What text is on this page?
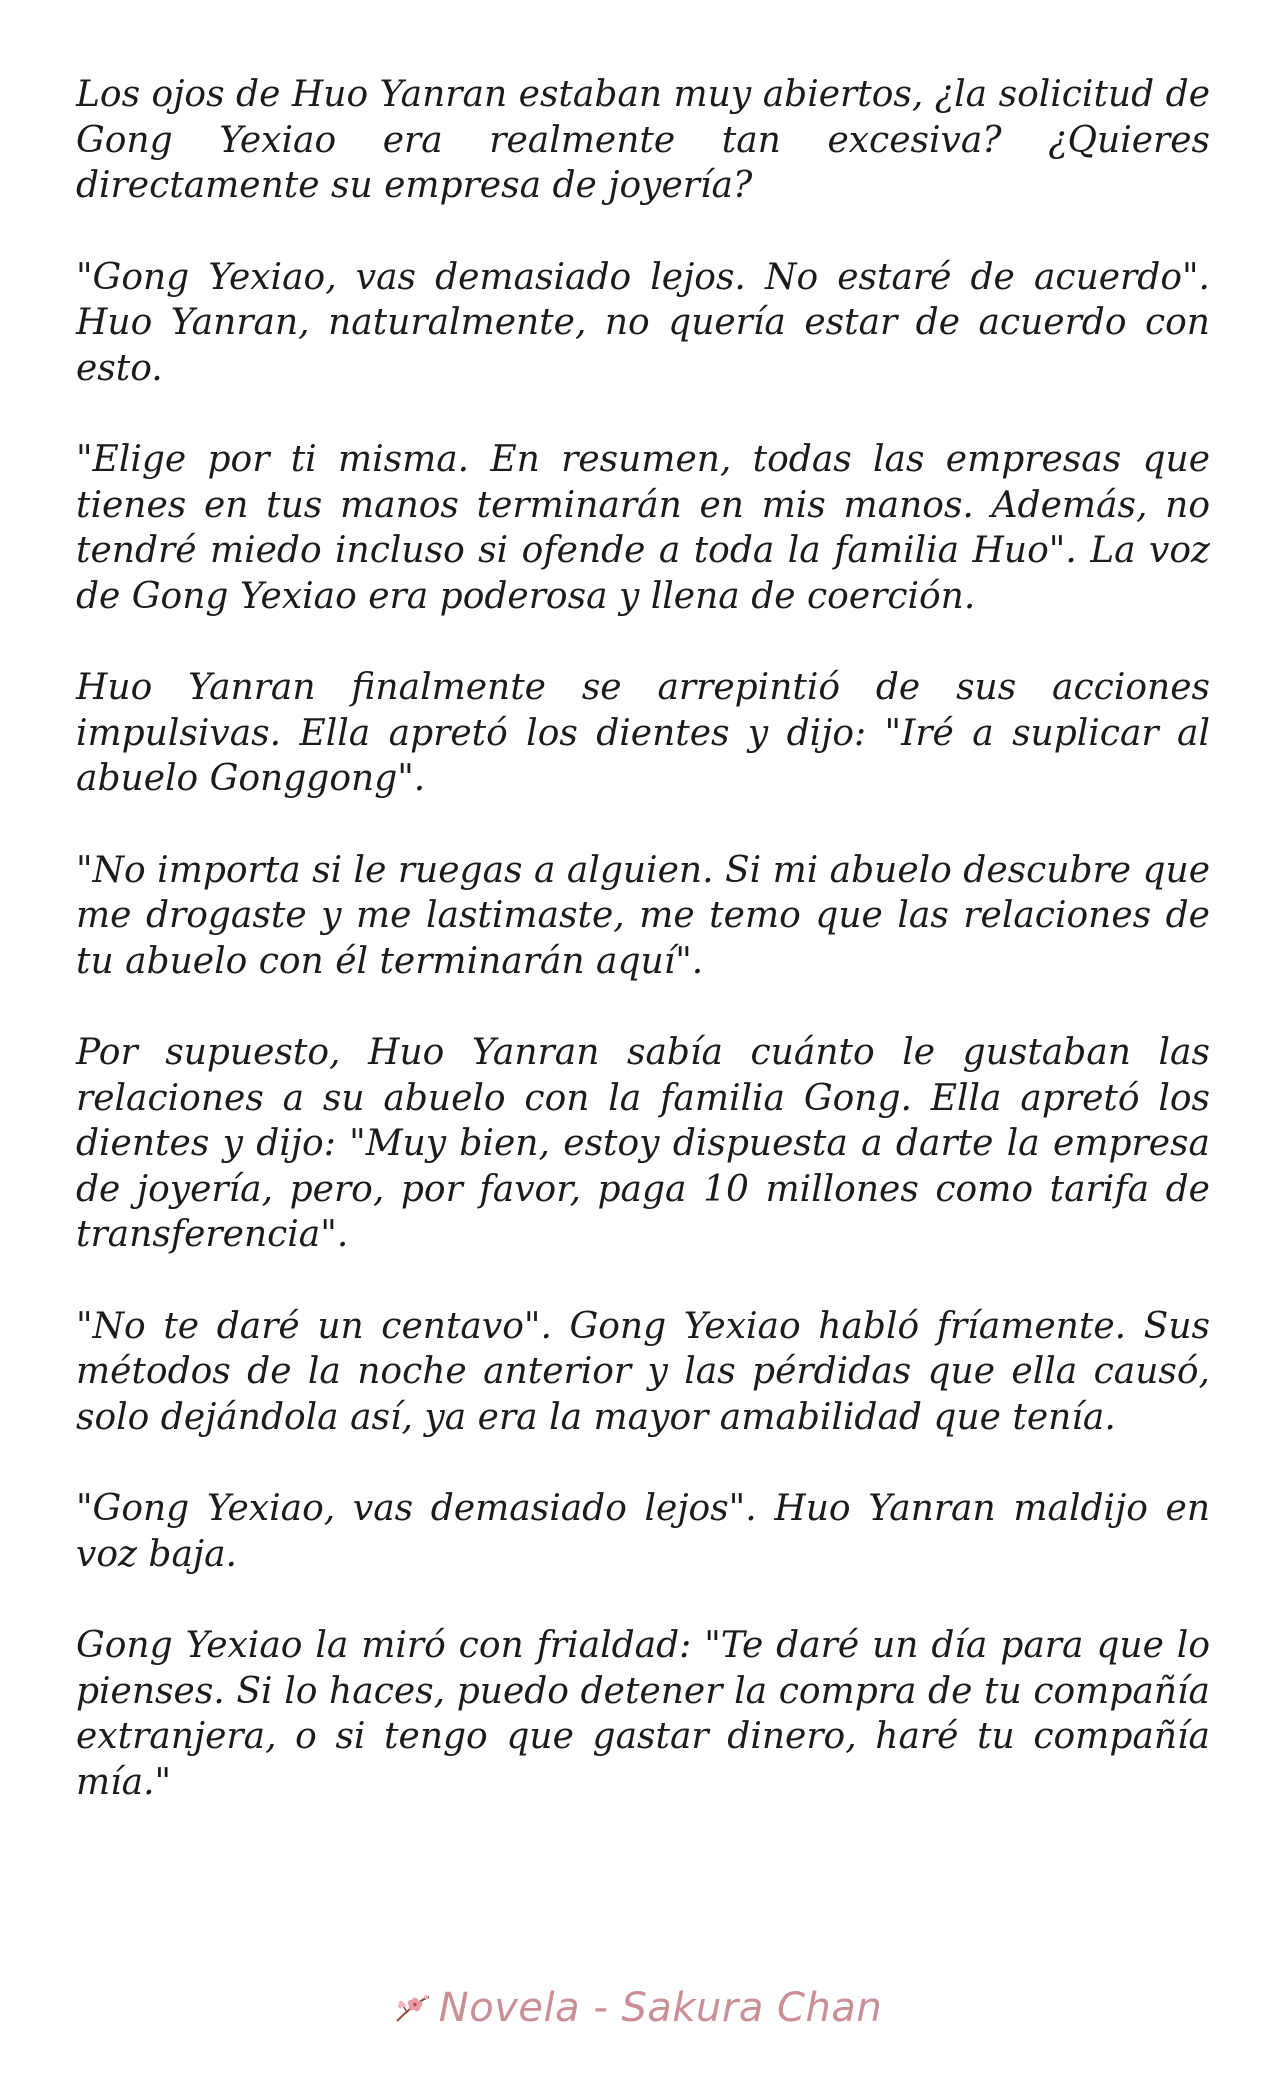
Los ojos de Huo Yanran estaban muy abiertos, ¿la solicitud de Gong Yexiao era realmente tan excesiva? ¿Quieres directamente su empresa de joyería?

"Gong Yexiao, vas demasiado lejos. No estaré de acuerdo". Huo Yanran, naturalmente, no quería estar de acuerdo con esto.

"Elige por ti misma. En resumen, todas las empresas que tienes en tus manos terminarán en mis manos. Además, no tendré miedo incluso si ofende a toda la familia Huo". La voz de Gong Yexiao era poderosa y llena de coerción.

Huo Yanran finalmente se arrepintió de sus acciones impulsivas. Ella apretó los dientes y dijo: "Iré a suplicar al abuelo Gonggong".

"No importa si le ruegas a alguien. Si mi abuelo descubre que me drogaste y me lastimaste, me temo que las relaciones de tu abuelo con él terminarán aquí".

Por supuesto, Huo Yanran sabía cuánto le gustaban las relaciones a su abuelo con la familia Gong. Ella apretó los dientes y dijo: "Muy bien, estoy dispuesta a darte la empresa de joyería, pero, por favor, paga 10 millones como tarifa de transferencia".

"No te daré un centavo". Gong Yexiao habló fríamente. Sus métodos de la noche anterior y las pérdidas que ella causó, solo dejándola así, ya era la mayor amabilidad que tenía.

"Gong Yexiao, vas demasiado lejos". Huo Yanran maldijo en voz baja.

Gong Yexiao la miró con frialdad: "Te daré un día para que lo pienses. Si lo haces, puedo detener la compra de tu compañía extranjera, o si tengo que gastar dinero, haré tu compañía mía."

Novela - Sakura Chan
